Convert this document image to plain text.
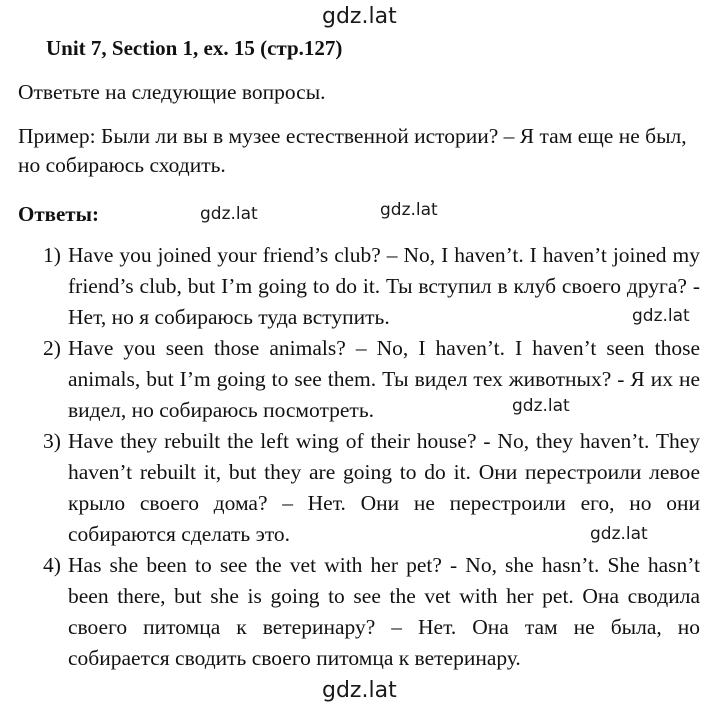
gdz.lat
Unit 7, Section 1, ex. 15 (стр.127)

Ответьте на следующие вопросы.

Пример: Были ли вы в музее естественной истории? – Я там еще не был, но собираюсь сходить.

Ответы:	gdz.lat	gdz.lat
1) Have you joined your friend’s club? – No, I haven’t. I haven’t joined my friend’s club, but I’m going to do it. Ты вступил в клуб своего друга? - Нет, но я собираюсь туда вступить.
2) Have you seen those animals? – No, I haven’t. I haven’t seen those animals, but I’m going to see them. Ты видел тех животных? - Я их не видел, но собираюсь посмотреть.
3) Have they rebuilt the left wing of their house? - No, they haven’t. They haven’t rebuilt it, but they are going to do it. Они перестроили левое крыло своего дома? – Нет. Они не перестроили его, но они собираются сделать это.
4) Has she been to see the vet with her pet? - No, she hasn’t. She hasn’t been there, but she is going to see the vet with her pet. Она сводила своего питомца к ветеринару? – Нет. Она там не была, но собирается сводить своего питомца к ветеринару.
gdz.lat
gdz.lat
gdz.lat
gdz.lat
